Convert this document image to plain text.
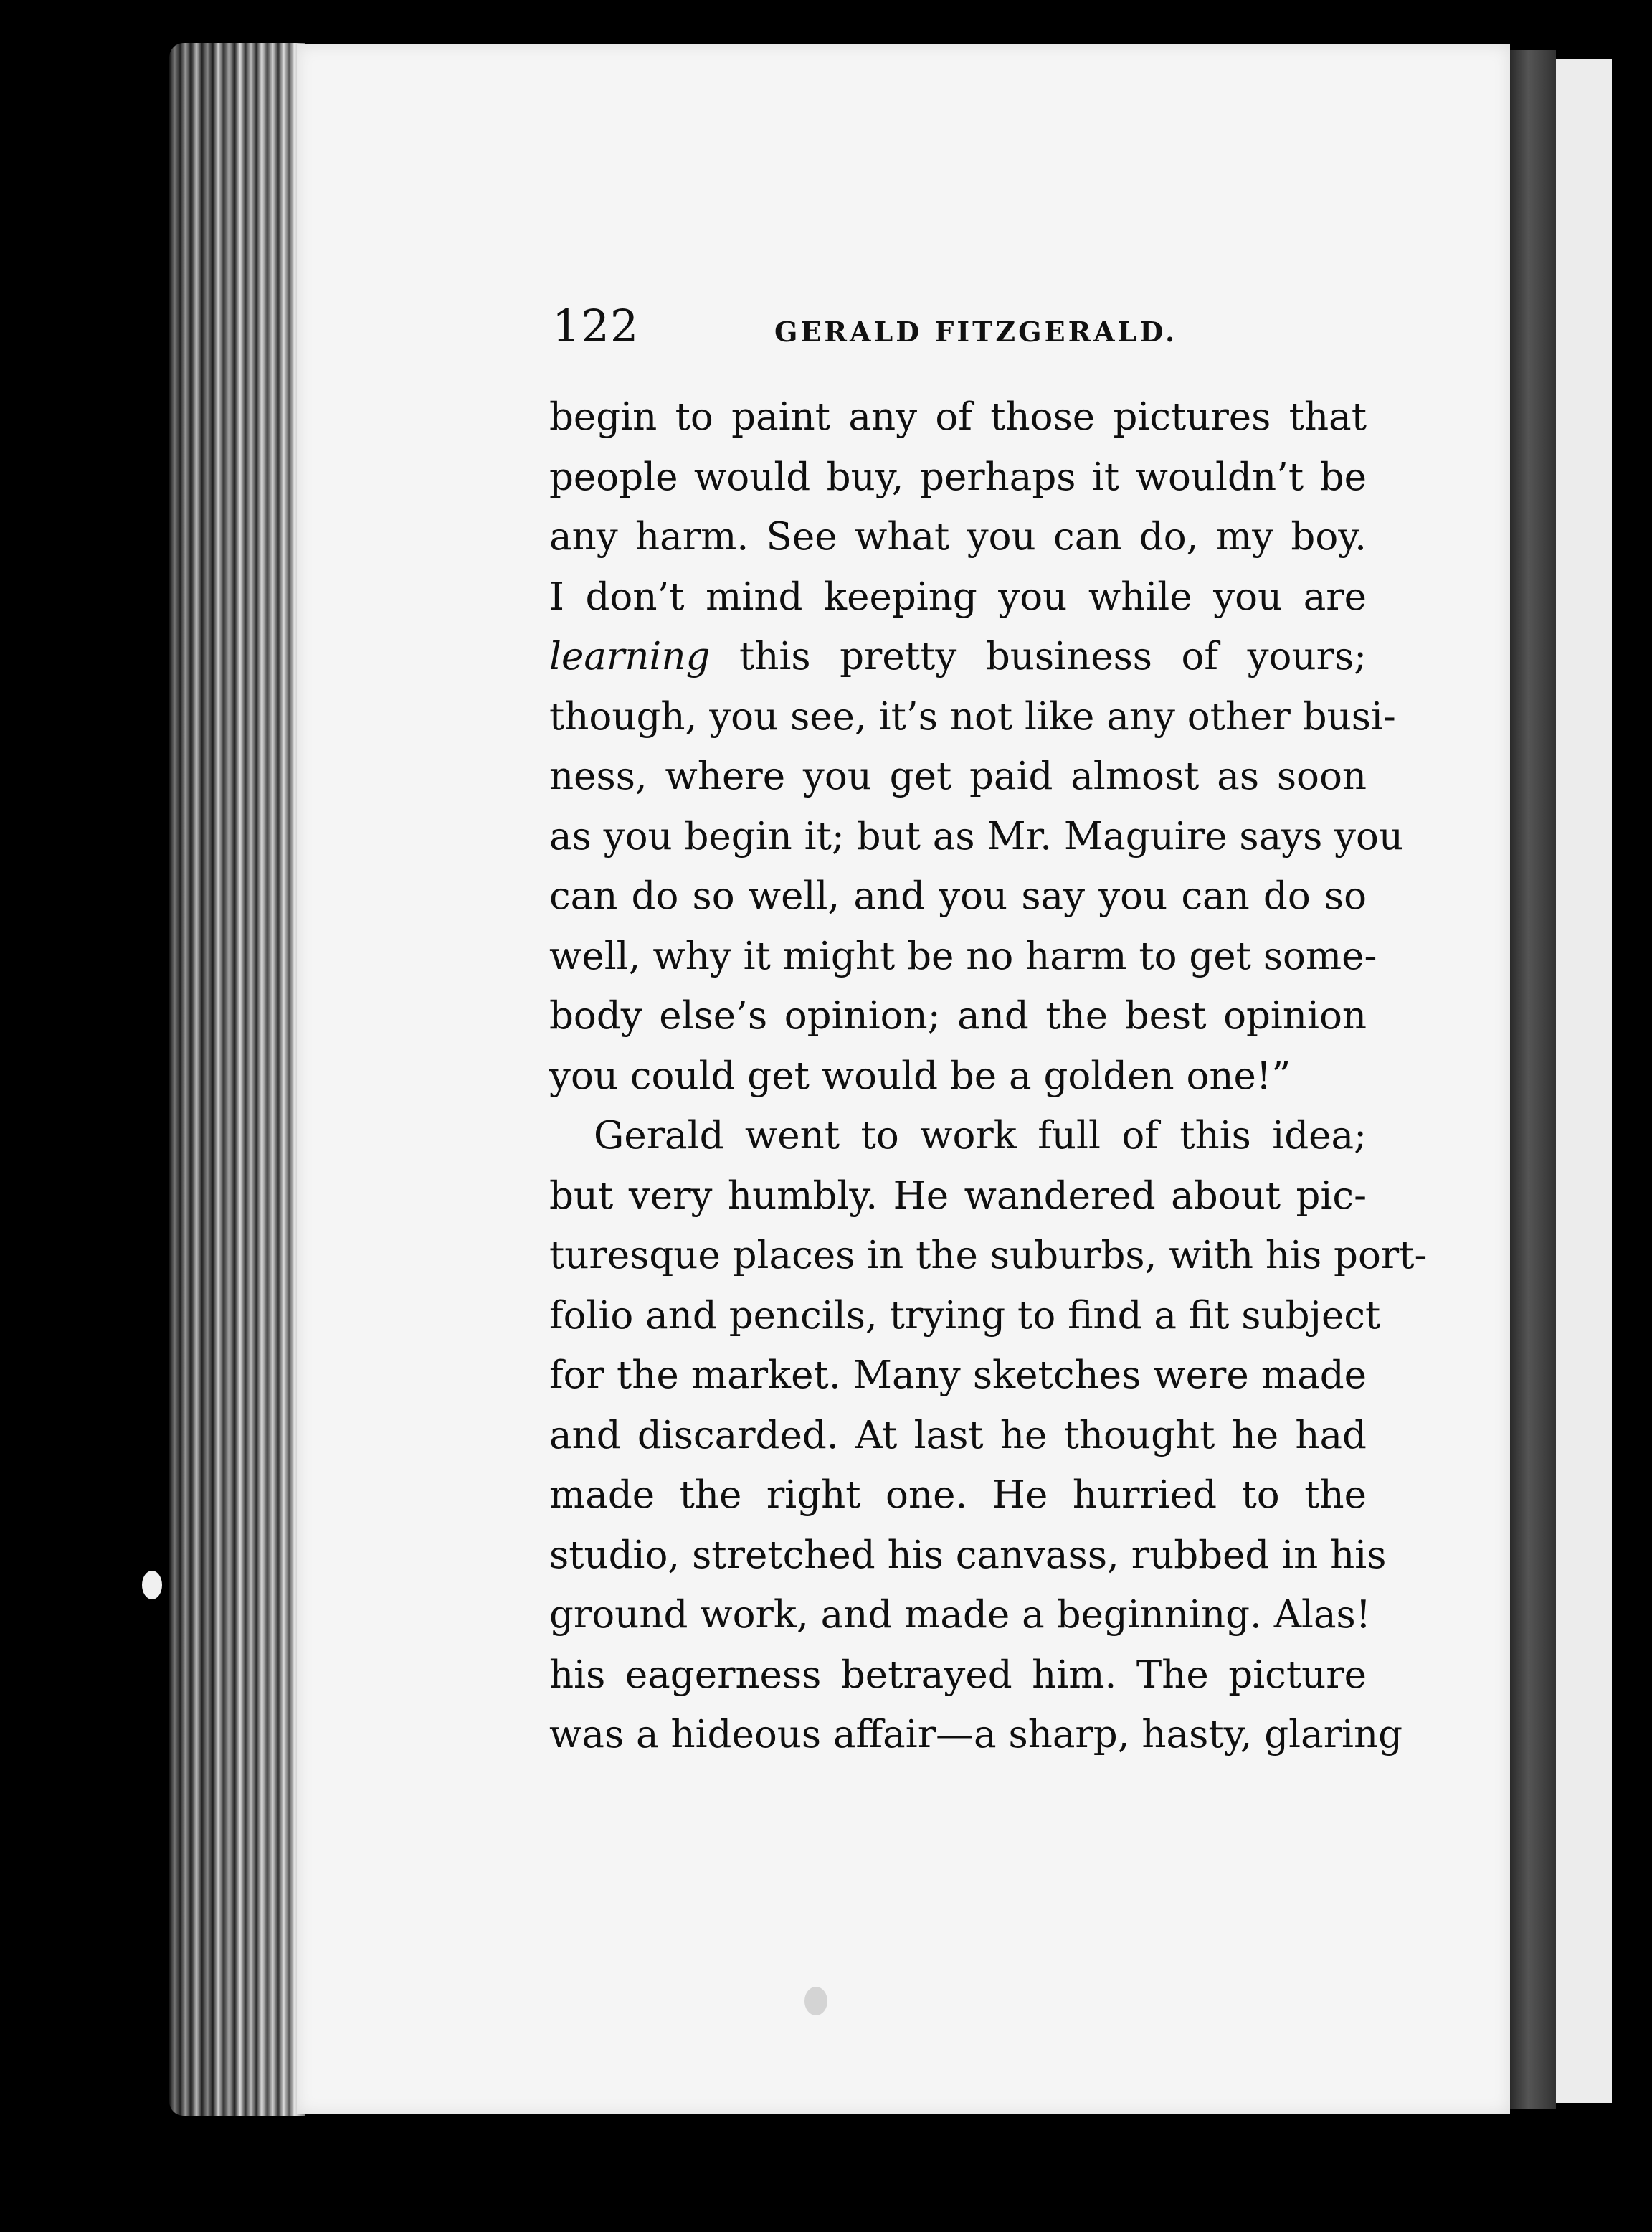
122	GERALD FITZGERALD.
begin to paint any of those pictures that
people would buy, perhaps it wouldn’t be
any harm. See what you can do, my boy.
I don’t mind keeping you while you are
learning this pretty business of yours;
though, you see, it’s not like any other busi-
ness, where you get paid almost as soon
as you begin it; but as Mr. Maguire says you
can do so well, and you say you can do so
well, why it might be no harm to get some-
body else’s opinion; and the best opinion
you could get would be a golden one!”
Gerald went to work full of this idea;
but very humbly. He wandered about pic-
turesque places in the suburbs, with his port-
folio and pencils, trying to find a fit subject
for the market. Many sketches were made
and discarded. At last he thought he had
made the right one. He hurried to the
studio, stretched his canvass, rubbed in his
ground work, and made a beginning. Alas!
his eagerness betrayed him. The picture
was a hideous affair—a sharp, hasty, glaring
